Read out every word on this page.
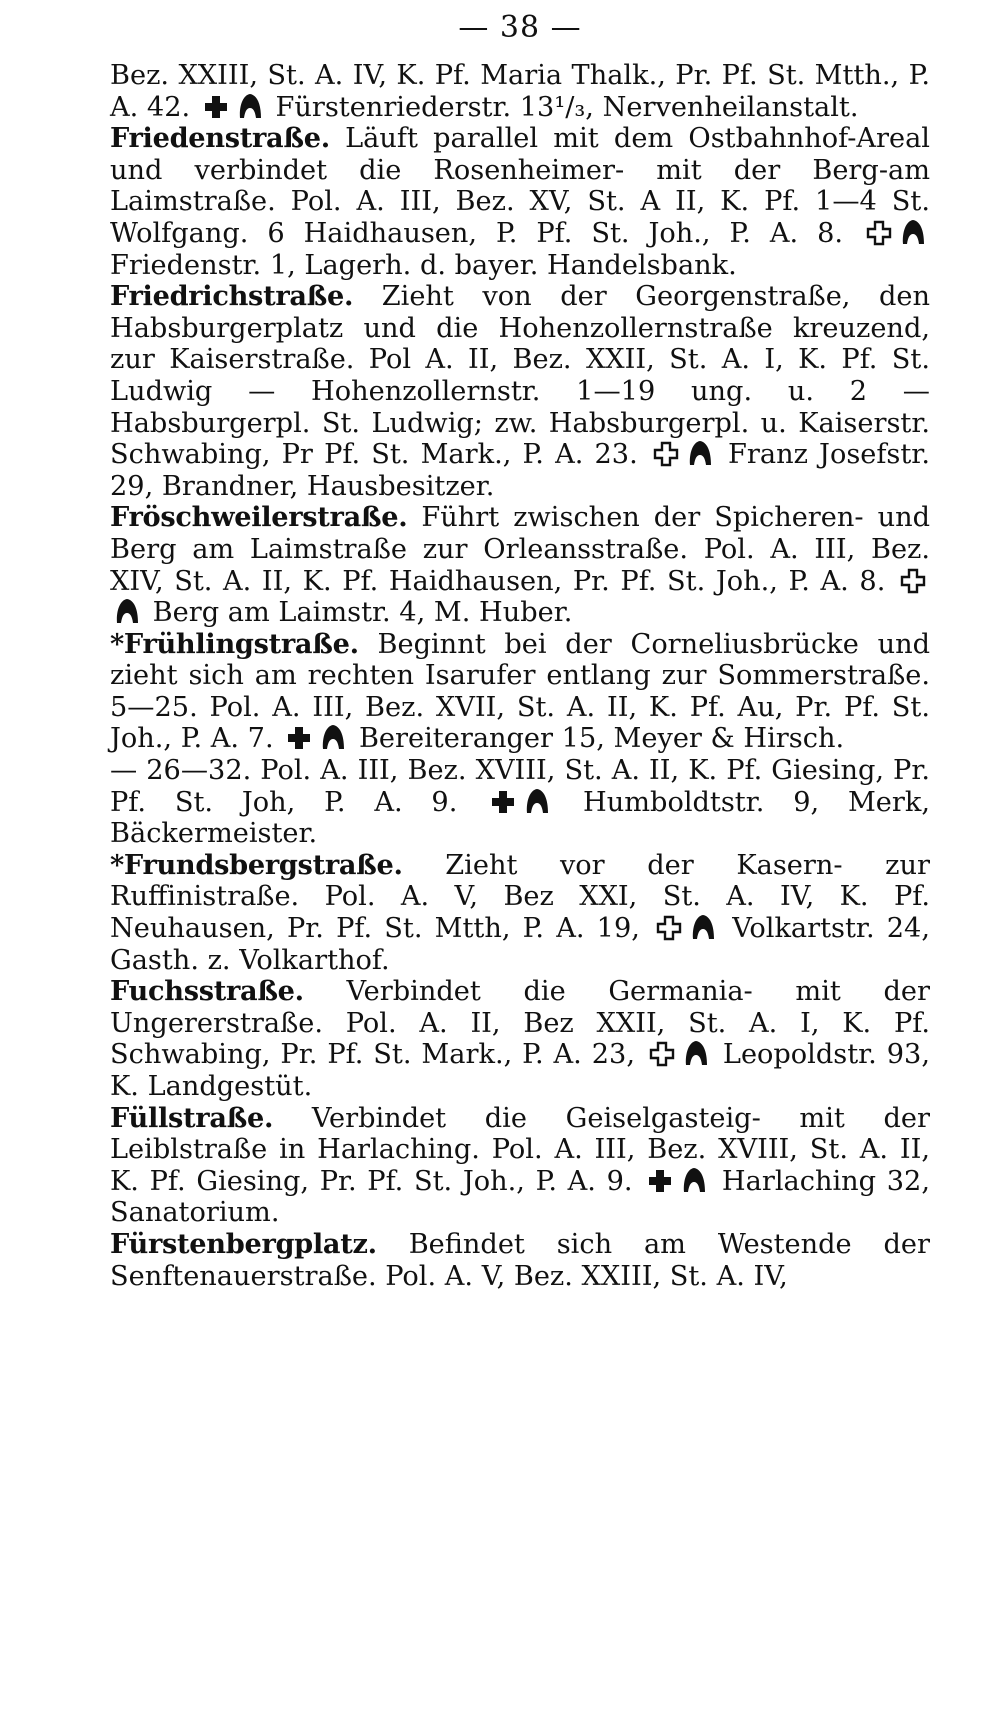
— 38 —

Bez. XXIII, St. A. IV, K. Pf. Maria Thalk., Pr. Pf. St. Mtth., P. A. 42.	Fürstenriederstr. 13¹/₃, Nervenheilanstalt.

Friedenstraße. Läuft parallel mit dem Ostbahnhof-Areal und verbindet die Rosenheimer- mit der Berg-am Laimstraße. Pol. A. III, Bez. XV, St. A II, K. Pf. 1—4 St. Wolfgang. 6 Haidhausen, P. Pf. St. Joh., P. A. 8.
Friedenstr. 1, Lagerh. d. bayer. Handelsbank.

Friedrichstraße. Zieht von der Georgenstraße, den Habsburgerplatz und die Hohenzollernstraße kreuzend, zur Kaiserstraße. Pol A. II, Bez. XXII, St. A. I, K. Pf. St. Ludwig — Hohenzollernstr. 1—19 ung. u. 2 — Habsburgerpl. St. Ludwig; zw. Habsburgerpl. u. Kaiserstr. Schwabing, Pr Pf. St. Mark., P. A. 23.	Franz Josefstr. 29, Brandner, Hausbesitzer.

Fröschweilerstraße. Führt zwischen der Spicheren- und Berg am Laimstraße zur Orleansstraße. Pol. A. III, Bez. XIV, St. A. II, K. Pf. Haidhausen, Pr. Pf. St. Joh., P. A. 8.
Berg am Laimstr. 4, M. Huber.

*Frühlingstraße. Beginnt bei der Corneliusbrücke und zieht sich am rechten Isarufer entlang zur Sommerstraße. 5—25. Pol. A. III, Bez. XVII, St. A. II, K. Pf. Au, Pr. Pf. St. Joh., P. A. 7.	Bereiteranger 15, Meyer & Hirsch.

— 26—32. Pol. A. III, Bez. XVIII, St. A. II, K. Pf. Giesing, Pr. Pf. St. Joh, P. A. 9.	Humboldtstr. 9, Merk, Bäckermeister.

*Frundsbergstraße. Zieht vor der Kasern- zur Ruffinistraße. Pol. A. V, Bez XXI, St. A. IV, K. Pf. Neuhausen, Pr. Pf. St. Mtth, P. A. 19,	Volkartstr. 24, Gasth. z. Volkarthof.

Fuchsstraße. Verbindet die Germania- mit der Ungererstraße. Pol. A. II, Bez XXII, St. A. I, K. Pf. Schwabing, Pr. Pf. St. Mark., P. A. 23,	Leopoldstr. 93, K. Landgestüt.

Füllstraße. Verbindet die Geiselgasteig- mit der Leiblstraße in Harlaching. Pol. A. III, Bez. XVIII, St. A. II, K. Pf. Giesing, Pr. Pf. St. Joh., P. A. 9.	Harlaching 32, Sanatorium.

Fürstenbergplatz. Befindet sich am Westende der Senftenauerstraße. Pol. A. V, Bez. XXIII, St. A. IV,
